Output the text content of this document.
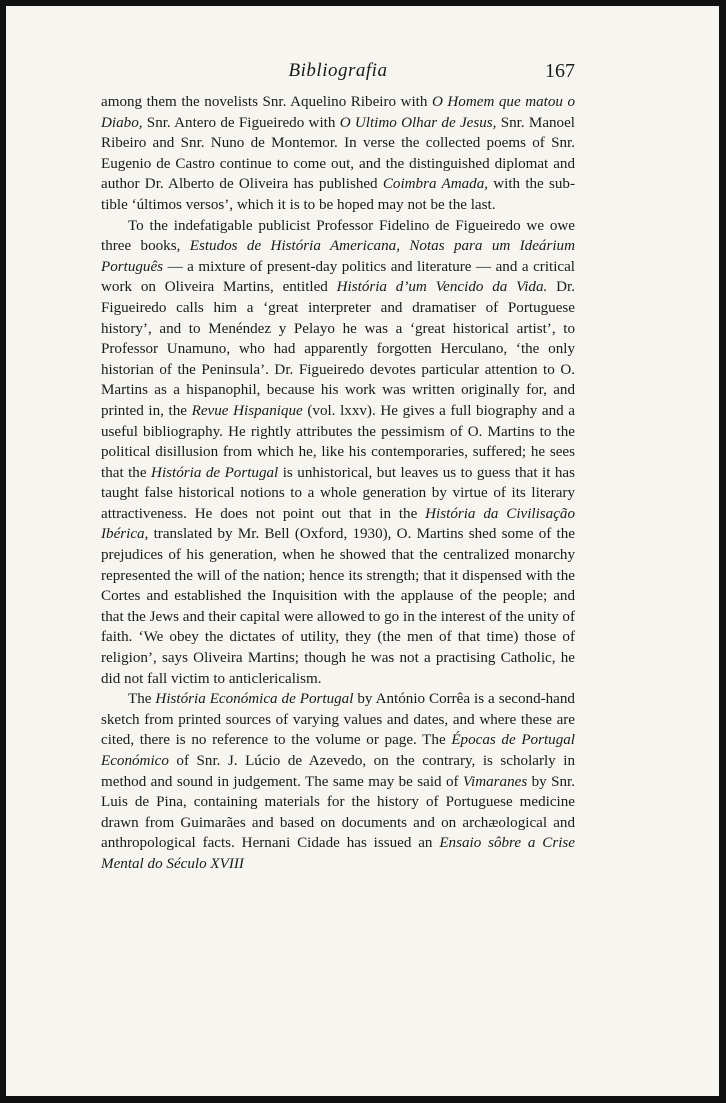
Bibliografia	167

among them the novelists Snr. Aquelino Ribeiro with O Homem que matou o Diabo, Snr. Antero de Figueiredo with O Ultimo Olhar de Jesus, Snr. Manoel Ribeiro and Snr. Nuno de Montemor. In verse the collected poems of Snr. Eugenio de Castro continue to come out, and the distinguished diplomat and author Dr. Alberto de Oliveira has published Coimbra Amada, with the sub-tible ‘últimos versos’, which it is to be hoped may not be the last.

To the indefatigable publicist Professor Fidelino de Figueiredo we owe three books, Estudos de História Americana, Notas para um Ideárium Português — a mixture of present-day politics and literature — and a critical work on Oliveira Martins, entitled História d’um Vencido da Vida. Dr. Figueiredo calls him a ‘great interpreter and dramatiser of Portuguese history’, and to Menéndez y Pelayo he was a ‘great historical artist’, to Professor Unamuno, who had apparently forgotten Herculano, ‘the only historian of the Peninsula’. Dr. Figueiredo devotes particular attention to O. Martins as a hispanophil, because his work was written originally for, and printed in, the Revue Hispanique (vol. lxxv). He gives a full biography and a useful bibliography. He rightly attributes the pessimism of O. Martins to the political disillusion from which he, like his contemporaries, suffered; he sees that the História de Portugal is unhistorical, but leaves us to guess that it has taught false historical notions to a whole generation by virtue of its literary attractiveness. He does not point out that in the História da Civilisação Ibérica, translated by Mr. Bell (Oxford, 1930), O. Martins shed some of the prejudices of his generation, when he showed that the centralized monarchy represented the will of the nation; hence its strength; that it dispensed with the Cortes and established the Inquisition with the applause of the people; and that the Jews and their capital were allowed to go in the interest of the unity of faith. ‘We obey the dictates of utility, they (the men of that time) those of religion’, says Oliveira Martins; though he was not a practising Catholic, he did not fall victim to anticlericalism.

The História Económica de Portugal by António Corrêa is a second-hand sketch from printed sources of varying values and dates, and where these are cited, there is no reference to the volume or page. The Épocas de Portugal Económico of Snr. J. Lúcio de Azevedo, on the contrary, is scholarly in method and sound in judgement. The same may be said of Vimaranes by Snr. Luis de Pina, containing materials for the history of Portuguese medicine drawn from Guimarães and based on documents and on archæological and anthropological facts. Hernani Cidade has issued an Ensaio sôbre a Crise Mental do Século XVIII
